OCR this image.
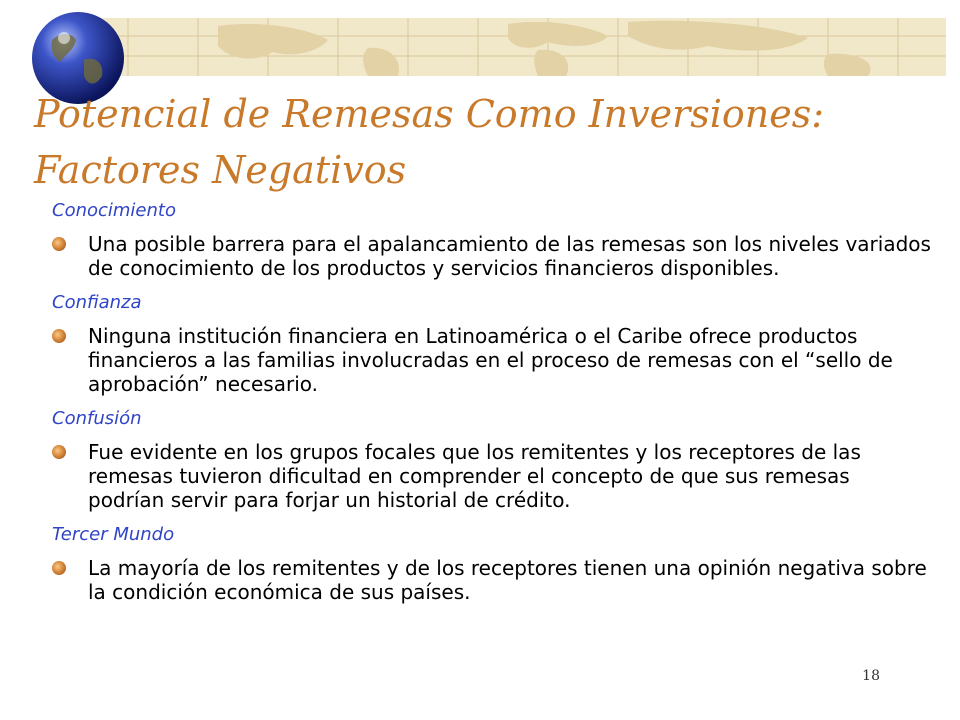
Potencial de Remesas Como Inversiones:
Factores Negativos

Conocimiento

Una posible barrera para el apalancamiento de las remesas son los niveles variados de conocimiento de los productos y servicios financieros disponibles.

Confianza

Ninguna institución financiera en Latinoamérica o el Caribe ofrece productos financieros a las familias involucradas en el proceso de remesas con el “sello de aprobación” necesario.

Confusión

Fue evidente en los grupos focales que los remitentes y los receptores de las remesas tuvieron dificultad en comprender el concepto de que sus remesas podrían servir para forjar un historial de crédito.

Tercer Mundo

La mayoría de los remitentes y de los receptores tienen una opinión negativa sobre la condición económica de sus países.
18
